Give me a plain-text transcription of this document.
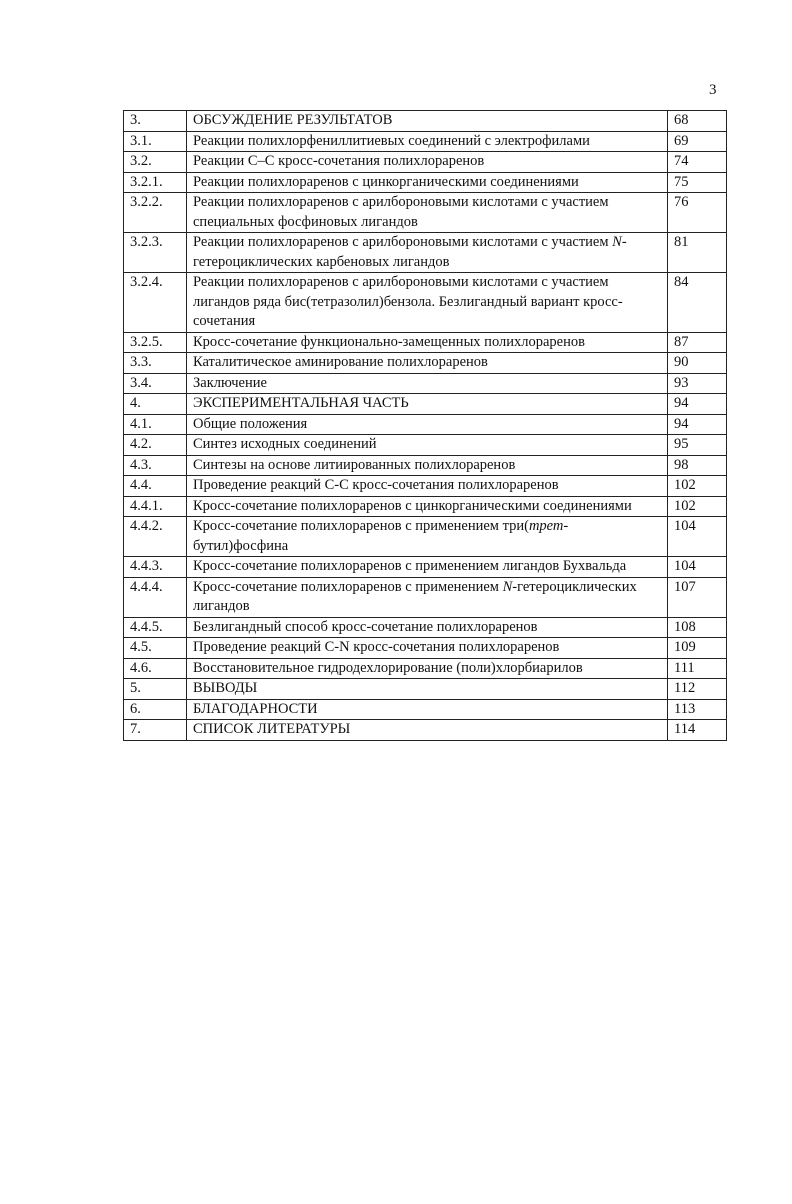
3
3.	ОБСУЖДЕНИЕ РЕЗУЛЬТАТОВ	68
3.1.	Реакции полихлорфениллитиевых соединений с электрофилами	69
3.2.	Реакции С–С кросс-сочетания полихлораренов	74
3.2.1.	Реакции полихлораренов с цинкорганическими соединениями	75
3.2.2.	Реакции полихлораренов с арилбороновыми кислотами с участием специальных фосфиновых лигандов	76
3.2.3.	Реакции полихлораренов с арилбороновыми кислотами с участием N-гетероциклических карбеновых лигандов	81
3.2.4.	Реакции полихлораренов с арилбороновыми кислотами с участием лигандов ряда бис(тетразолил)бензола. Безлигандный вариант кросс-сочетания	84
3.2.5.	Кросс-сочетание функционально-замещенных полихлораренов	87
3.3.	Каталитическое аминирование полихлораренов	90
3.4.	Заключение	93
4.	ЭКСПЕРИМЕНТАЛЬНАЯ ЧАСТЬ	94
4.1.	Общие положения	94
4.2.	Синтез исходных соединений	95
4.3.	Синтезы на основе литиированных полихлораренов	98
4.4.	Проведение реакций С-С кросс-сочетания полихлораренов	102
4.4.1.	Кросс-сочетание полихлораренов с цинкорганическими соединениями	102
4.4.2.	Кросс-сочетание полихлораренов с применением три(трет-бутил)фосфина	104
4.4.3.	Кросс-сочетание полихлораренов с применением лигандов Бухвальда	104
4.4.4.	Кросс-сочетание полихлораренов с применением N-гетероциклических лигандов	107
4.4.5.	Безлигандный способ кросс-сочетание полихлораренов	108
4.5.	Проведение реакций С-N кросс-сочетания полихлораренов	109
4.6.	Восстановительное гидродехлорирование (поли)хлорбиарилов	111
5.	ВЫВОДЫ	112
6.	БЛАГОДАРНОСТИ	113
7.	СПИСОК ЛИТЕРАТУРЫ	114
